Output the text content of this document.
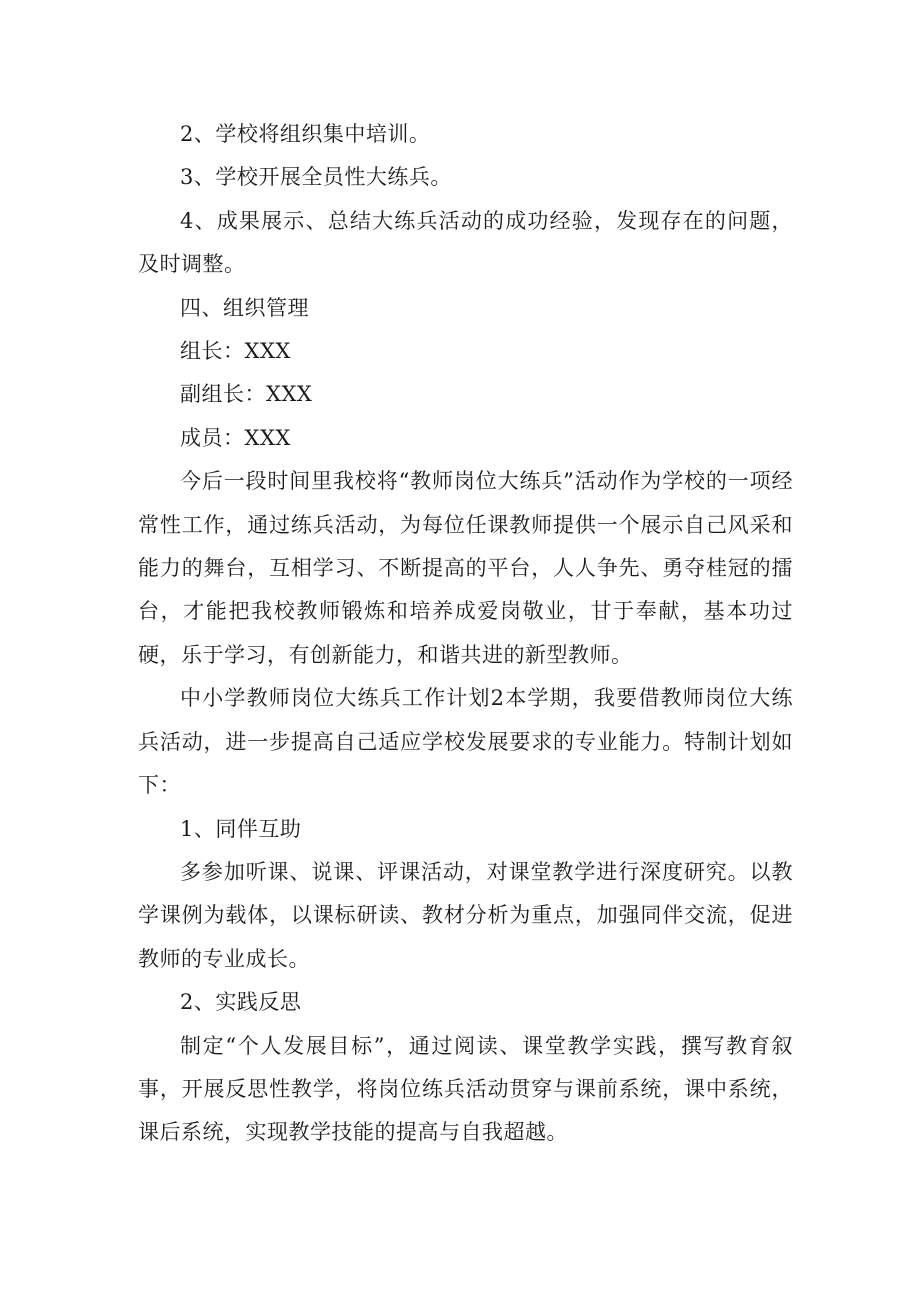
2、学校将组织集中培训。

3、学校开展全员性大练兵。

4、成果展示、总结大练兵活动的成功经验，发现存在的问题，及时调整。

四、组织管理

组长：XXX

副组长：XXX

成员：XXX

今后一段时间里我校将“教师岗位大练兵”活动作为学校的一项经常性工作，通过练兵活动，为每位任课教师提供一个展示自己风采和能力的舞台，互相学习、不断提高的平台，人人争先、勇夺桂冠的擂台，才能把我校教师锻炼和培养成爱岗敬业，甘于奉献，基本功过硬，乐于学习，有创新能力，和谐共进的新型教师。

中小学教师岗位大练兵工作计划2本学期，我要借教师岗位大练兵活动，进一步提高自己适应学校发展要求的专业能力。特制计划如下：

1、同伴互助

多参加听课、说课、评课活动，对课堂教学进行深度研究。以教学课例为载体，以课标研读、教材分析为重点，加强同伴交流，促进教师的专业成长。

2、实践反思

制定“个人发展目标”，通过阅读、课堂教学实践，撰写教育叙事，开展反思性教学，将岗位练兵活动贯穿与课前系统，课中系统，课后系统，实现教学技能的提高与自我超越。
